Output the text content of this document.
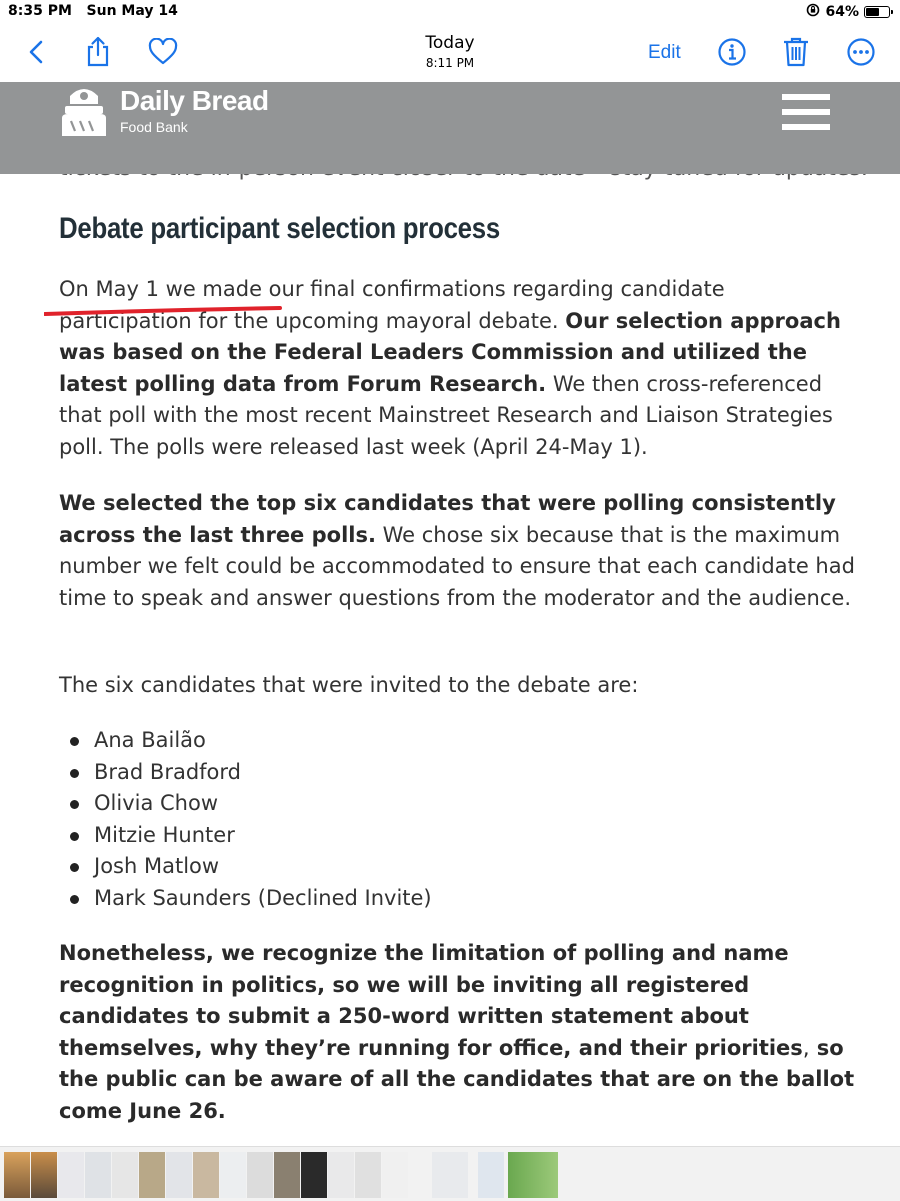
8:35 PM Sun May 14	64%
Today
8:11 PM	Edit
Debate participant selection process

On May 1 we made our final confirmations regarding candidate participation for the upcoming mayoral debate. Our selection approach was based on the Federal Leaders Commission and utilized the latest polling data from Forum Research. We then cross-referenced that poll with the most recent Mainstreet Research and Liaison Strategies poll. The polls were released last week (April 24-May 1).

We selected the top six candidates that were polling consistently across the last three polls. We chose six because that is the maximum number we felt could be accommodated to ensure that each candidate had time to speak and answer questions from the moderator and the audience.

The six candidates that were invited to the debate are:

Ana Bailão
Brad Bradford
Olivia Chow
Mitzie Hunter
Josh Matlow
Mark Saunders (Declined Invite)

Nonetheless, we recognize the limitation of polling and name recognition in politics, so we will be inviting all registered candidates to submit a 250-word written statement about themselves, why they’re running for office, and their priorities, so the public can be aware of all the candidates that are on the ballot come June 26.

Daily Bread
Food Bank
